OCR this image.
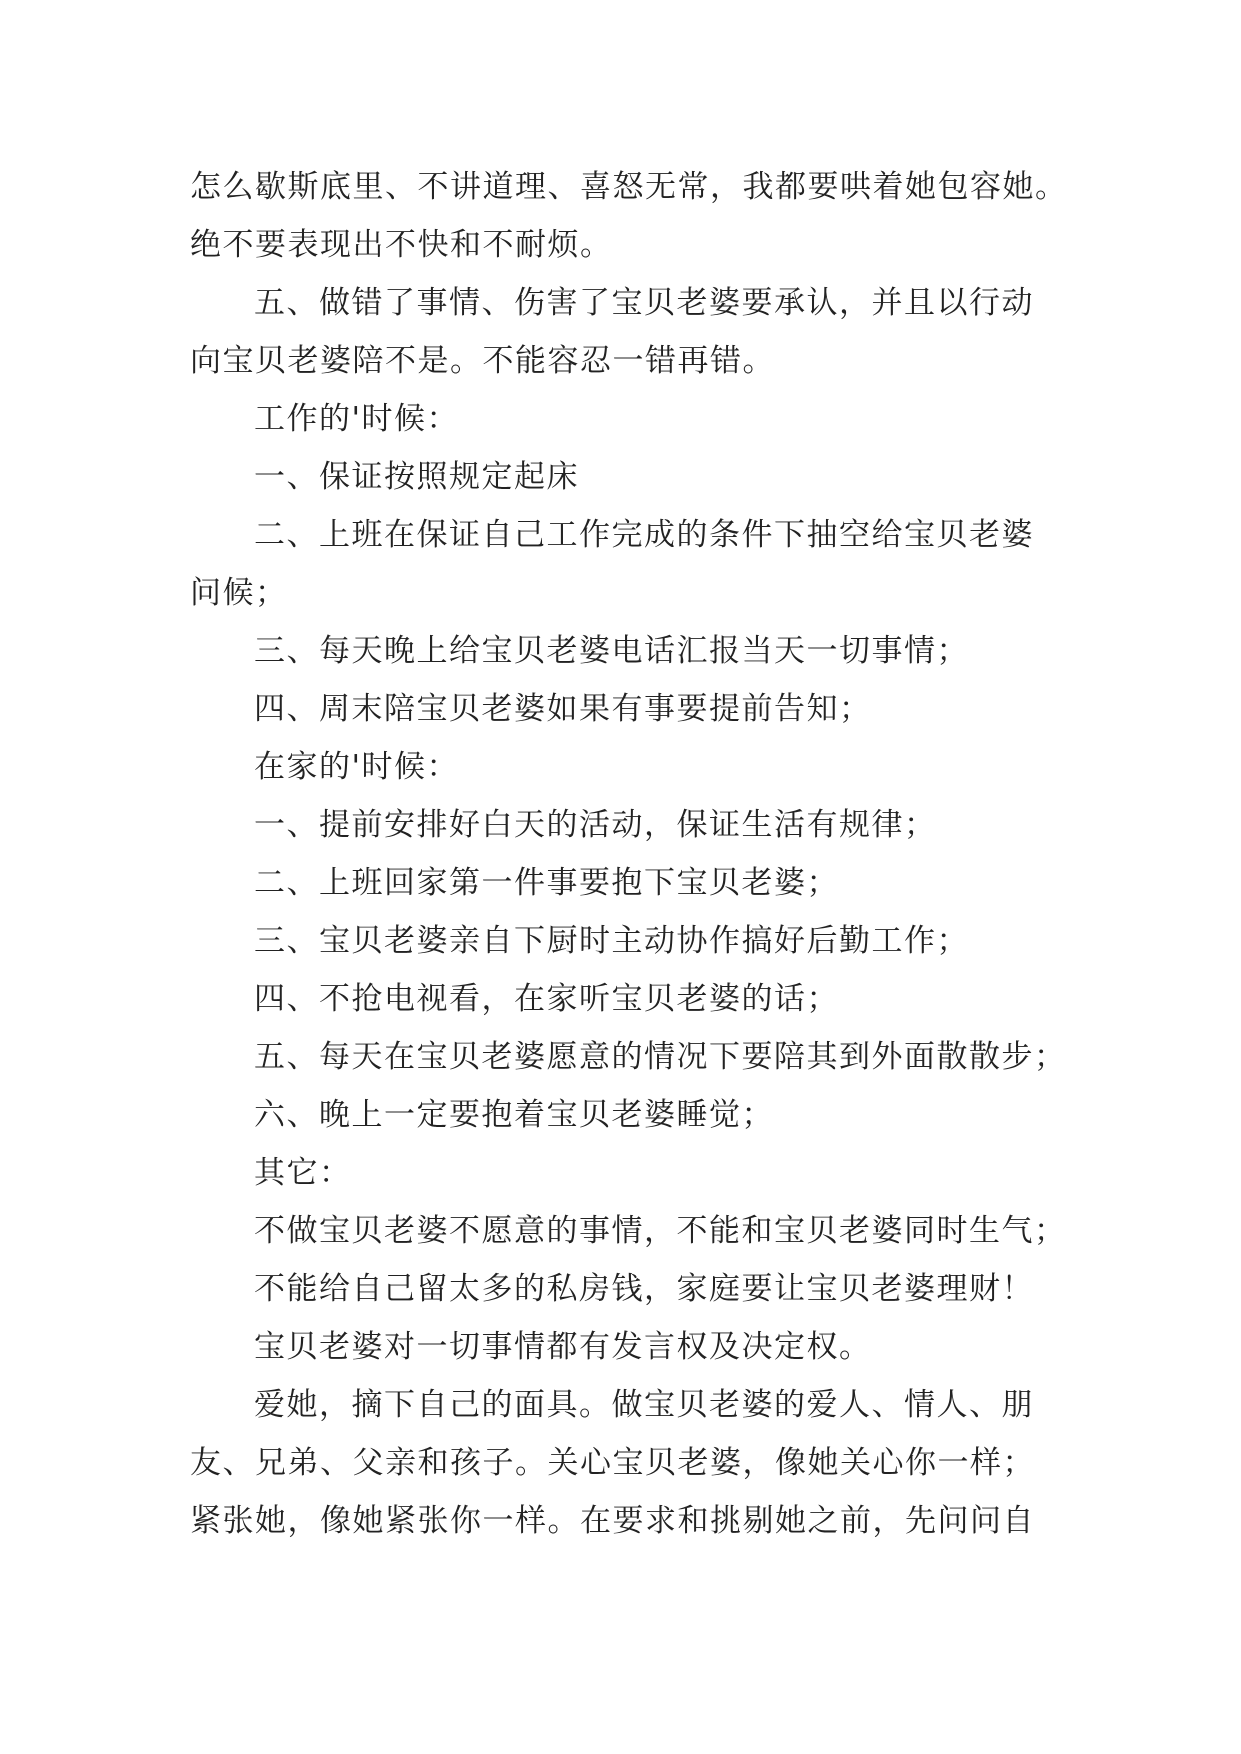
怎么歇斯底里、不讲道理、喜怒无常，我都要哄着她包容她。
绝不要表现出不快和不耐烦。
五、做错了事情、伤害了宝贝老婆要承认，并且以行动
向宝贝老婆陪不是。不能容忍一错再错。
工作的'时候：
一、保证按照规定起床
二、上班在保证自己工作完成的条件下抽空给宝贝老婆
问候；
三、每天晚上给宝贝老婆电话汇报当天一切事情；
四、周末陪宝贝老婆如果有事要提前告知；
在家的'时候：
一、提前安排好白天的活动，保证生活有规律；
二、上班回家第一件事要抱下宝贝老婆；
三、宝贝老婆亲自下厨时主动协作搞好后勤工作；
四、不抢电视看，在家听宝贝老婆的话；
五、每天在宝贝老婆愿意的情况下要陪其到外面散散步；
六、晚上一定要抱着宝贝老婆睡觉；
其它：
不做宝贝老婆不愿意的事情，不能和宝贝老婆同时生气；
不能给自己留太多的私房钱，家庭要让宝贝老婆理财！
宝贝老婆对一切事情都有发言权及决定权。
爱她，摘下自己的面具。做宝贝老婆的爱人、情人、朋
友、兄弟、父亲和孩子。关心宝贝老婆，像她关心你一样；
紧张她，像她紧张你一样。在要求和挑剔她之前，先问问自
